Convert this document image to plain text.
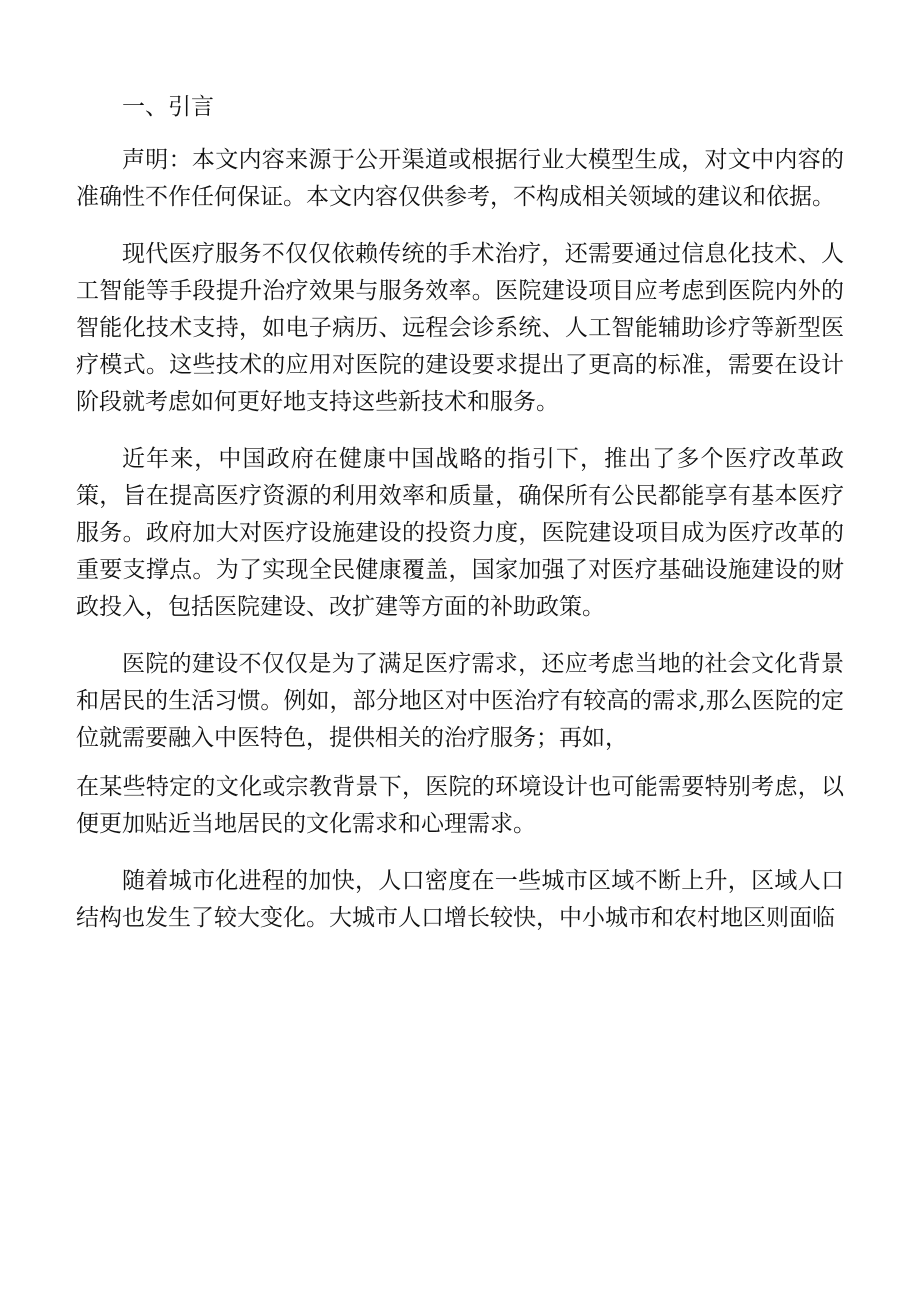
一、引言

声明：本文内容来源于公开渠道或根据行业大模型生成，对文中内容的准确性不作任何保证。本文内容仅供参考，不构成相关领域的建议和依据。

现代医疗服务不仅仅依赖传统的手术治疗，还需要通过信息化技术、人工智能等手段提升治疗效果与服务效率。医院建设项目应考虑到医院内外的智能化技术支持，如电子病历、远程会诊系统、人工智能辅助诊疗等新型医疗模式。这些技术的应用对医院的建设要求提出了更高的标准，需要在设计阶段就考虑如何更好地支持这些新技术和服务。

近年来，中国政府在健康中国战略的指引下，推出了多个医疗改革政策，旨在提高医疗资源的利用效率和质量，确保所有公民都能享有基本医疗服务。政府加大对医疗设施建设的投资力度，医院建设项目成为医疗改革的重要支撑点。为了实现全民健康覆盖，国家加强了对医疗基础设施建设的财政投入，包括医院建设、改扩建等方面的补助政策。

医院的建设不仅仅是为了满足医疗需求，还应考虑当地的社会文化背景和居民的生活习惯。例如，部分地区对中医治疗有较高的需求,那么医院的定位就需要融入中医特色，提供相关的治疗服务；再如，

在某些特定的文化或宗教背景下，医院的环境设计也可能需要特别考虑，以便更加贴近当地居民的文化需求和心理需求。

随着城市化进程的加快，人口密度在一些城市区域不断上升，区域人口结构也发生了较大变化。大城市人口增长较快，中小城市和农村地区则面临
